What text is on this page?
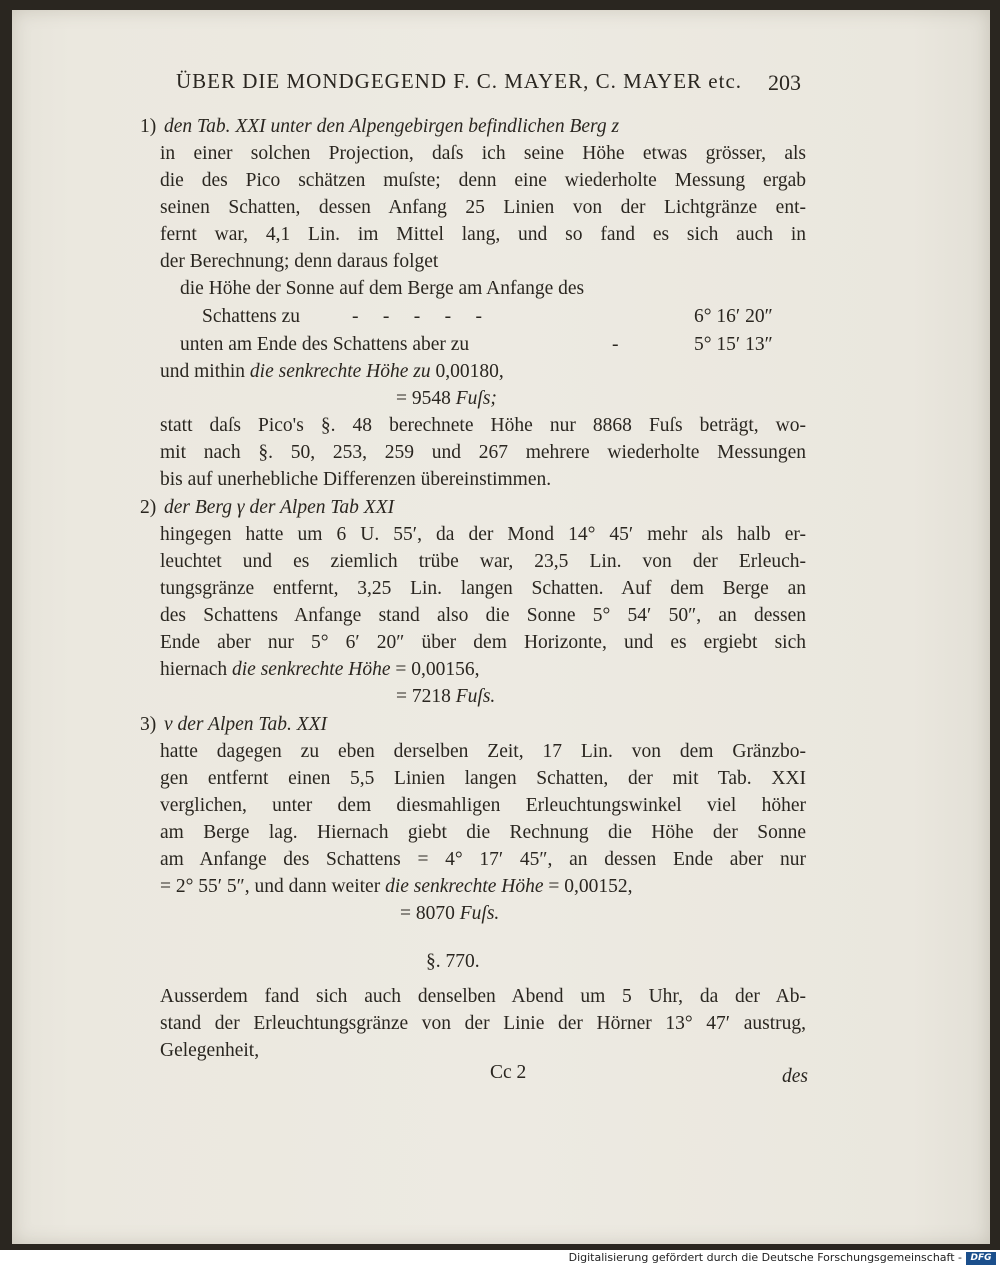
ÜBER DIE MONDGEGEND F. C. MAYER, C. MAYER etc. 203
1) den Tab. XXI unter den Alpengebirgen befindlichen Berg z
in einer solchen Projection, daſs ich seine Höhe etwas grösser, als
die des Pico schätzen muſste; denn eine wiederholte Messung ergab
seinen Schatten, dessen Anfang 25 Linien von der Lichtgränze ent-
fernt war, 4,1 Lin. im Mittel lang, und so fand es sich auch in
der Berechnung; denn daraus folget
die Höhe der Sonne auf dem Berge am Anfange des
Schattens zu	-     -     -     -     -	6° 16′ 20″
unten am Ende des Schattens aber zu	-	5° 15′ 13″
und mithin die senkrechte Höhe zu 0,00180,
= 9548 Fuſs;
statt daſs Pico's §. 48 berechnete Höhe nur 8868 Fuſs beträgt, wo-
mit nach §. 50, 253, 259 und 267 mehrere wiederholte Messungen
bis auf unerhebliche Differenzen übereinstimmen.
2) der Berg γ der Alpen Tab XXI
hingegen hatte um 6 U. 55′, da der Mond 14° 45′ mehr als halb er-
leuchtet und es ziemlich trübe war, 23,5 Lin. von der Erleuch-
tungsgränze entfernt, 3,25 Lin. langen Schatten. Auf dem Berge an
des Schattens Anfange stand also die Sonne 5° 54′ 50″, an dessen
Ende aber nur 5° 6′ 20″ über dem Horizonte, und es ergiebt sich
hiernach die senkrechte Höhe = 0,00156,
= 7218 Fuſs.
3) v der Alpen Tab. XXI
hatte dagegen zu eben derselben Zeit, 17 Lin. von dem Gränzbo-
gen entfernt einen 5,5 Linien langen Schatten, der mit Tab. XXI
verglichen, unter dem diesmahligen Erleuchtungswinkel viel höher
am Berge lag. Hiernach giebt die Rechnung die Höhe der Sonne
am Anfange des Schattens = 4° 17′ 45″, an dessen Ende aber nur
= 2° 55′ 5″, und dann weiter die senkrechte Höhe = 0,00152,
= 8070 Fuſs.
§. 770.
Ausserdem fand sich auch denselben Abend um 5 Uhr, da der Ab-
stand der Erleuchtungsgränze von der Linie der Hörner 13° 47′ austrug,
Gelegenheit,
Cc 2	des
Digitalisierung gefördert durch die Deutsche Forschungsgemeinschaft - DFG
